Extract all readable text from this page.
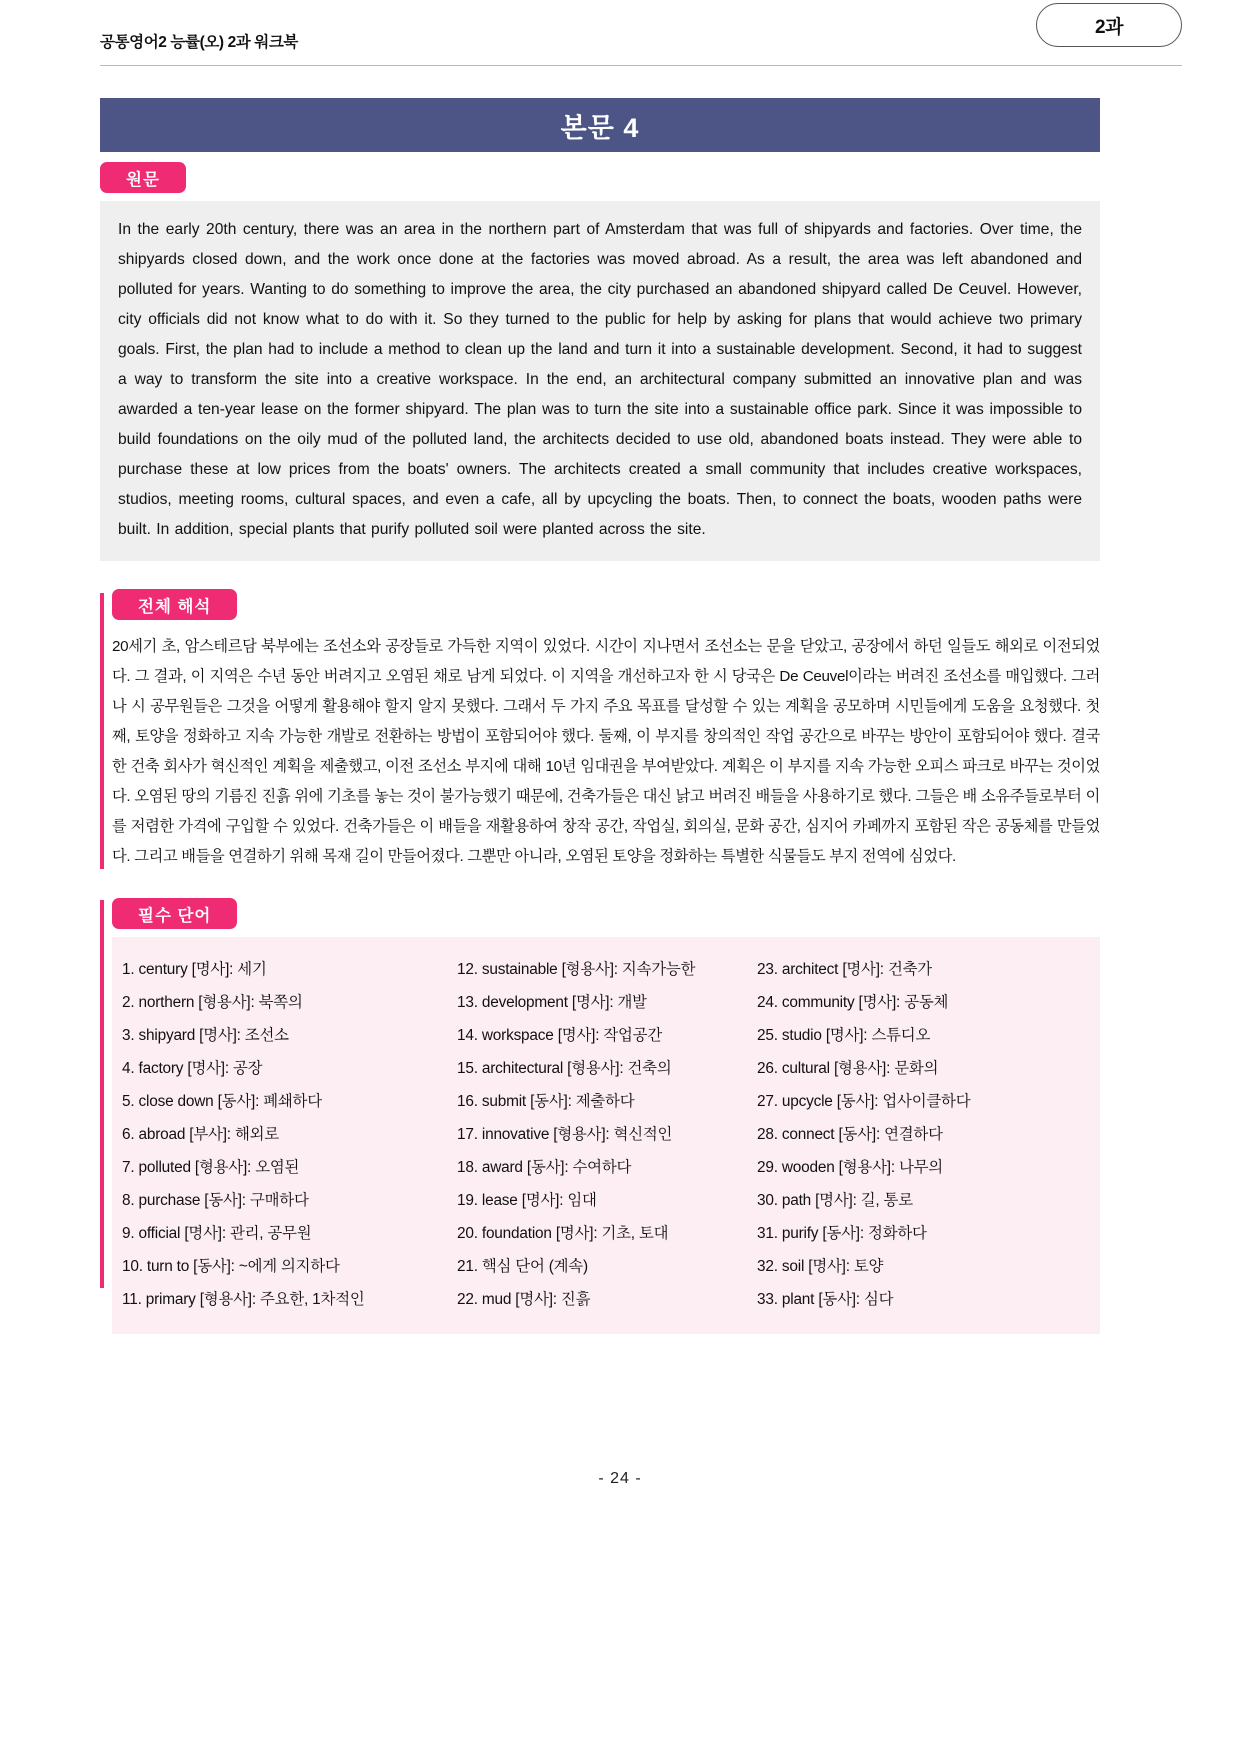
공통영어2 능률(오) 2과 워크북
2과
본문 4
원문
In the early 20th century, there was an area in the northern part of Amsterdam that was full of shipyards and factories. Over time, the shipyards closed down, and the work once done at the factories was moved abroad. As a result, the area was left abandoned and polluted for years. Wanting to do something to improve the area, the city purchased an abandoned shipyard called De Ceuvel. However, city officials did not know what to do with it. So they turned to the public for help by asking for plans that would achieve two primary goals. First, the plan had to include a method to clean up the land and turn it into a sustainable development. Second, it had to suggest a way to transform the site into a creative workspace. In the end, an architectural company submitted an innovative plan and was awarded a ten-year lease on the former shipyard. The plan was to turn the site into a sustainable office park. Since it was impossible to build foundations on the oily mud of the polluted land, the architects decided to use old, abandoned boats instead. They were able to purchase these at low prices from the boats' owners. The architects created a small community that includes creative workspaces, studios, meeting rooms, cultural spaces, and even a cafe, all by upcycling the boats. Then, to connect the boats, wooden paths were built. In addition, special plants that purify polluted soil were planted across the site.
전체 해석
20세기 초, 암스테르담 북부에는 조선소와 공장들로 가득한 지역이 있었다. 시간이 지나면서 조선소는 문을 닫았고, 공장에서 하던 일들도 해외로 이전되었다. 그 결과, 이 지역은 수년 동안 버려지고 오염된 채로 남게 되었다. 이 지역을 개선하고자 한 시 당국은 De Ceuvel이라는 버려진 조선소를 매입했다. 그러나 시 공무원들은 그것을 어떻게 활용해야 할지 알지 못했다. 그래서 두 가지 주요 목표를 달성할 수 있는 계획을 공모하며 시민들에게 도움을 요청했다. 첫째, 토양을 정화하고 지속 가능한 개발로 전환하는 방법이 포함되어야 했다. 둘째, 이 부지를 창의적인 작업 공간으로 바꾸는 방안이 포함되어야 했다. 결국 한 건축 회사가 혁신적인 계획을 제출했고, 이전 조선소 부지에 대해 10년 임대권을 부여받았다. 계획은 이 부지를 지속 가능한 오피스 파크로 바꾸는 것이었다. 오염된 땅의 기름진 진흙 위에 기초를 놓는 것이 불가능했기 때문에, 건축가들은 대신 낡고 버려진 배들을 사용하기로 했다. 그들은 배 소유주들로부터 이를 저렴한 가격에 구입할 수 있었다. 건축가들은 이 배들을 재활용하여 창작 공간, 작업실, 회의실, 문화 공간, 심지어 카페까지 포함된 작은 공동체를 만들었다. 그리고 배들을 연결하기 위해 목재 길이 만들어졌다. 그뿐만 아니라, 오염된 토양을 정화하는 특별한 식물들도 부지 전역에 심었다.
필수 단어
1. century [명사]: 세기
2. northern [형용사]: 북쪽의
3. shipyard [명사]: 조선소
4. factory [명사]: 공장
5. close down [동사]: 폐쇄하다
6. abroad [부사]: 해외로
7. polluted [형용사]: 오염된
8. purchase [동사]: 구매하다
9. official [명사]: 관리, 공무원
10. turn to [동사]: ~에게 의지하다
11. primary [형용사]: 주요한, 1차적인
12. sustainable [형용사]: 지속가능한
13. development [명사]: 개발
14. workspace [명사]: 작업공간
15. architectural [형용사]: 건축의
16. submit [동사]: 제출하다
17. innovative [형용사]: 혁신적인
18. award [동사]: 수여하다
19. lease [명사]: 임대
20. foundation [명사]: 기초, 토대
21. 핵심 단어 (계속)
22. mud [명사]: 진흙
23. architect [명사]: 건축가
24. community [명사]: 공동체
25. studio [명사]: 스튜디오
26. cultural [형용사]: 문화의
27. upcycle [동사]: 업사이클하다
28. connect [동사]: 연결하다
29. wooden [형용사]: 나무의
30. path [명사]: 길, 통로
31. purify [동사]: 정화하다
32. soil [명사]: 토양
33. plant [동사]: 심다
- 24 -
